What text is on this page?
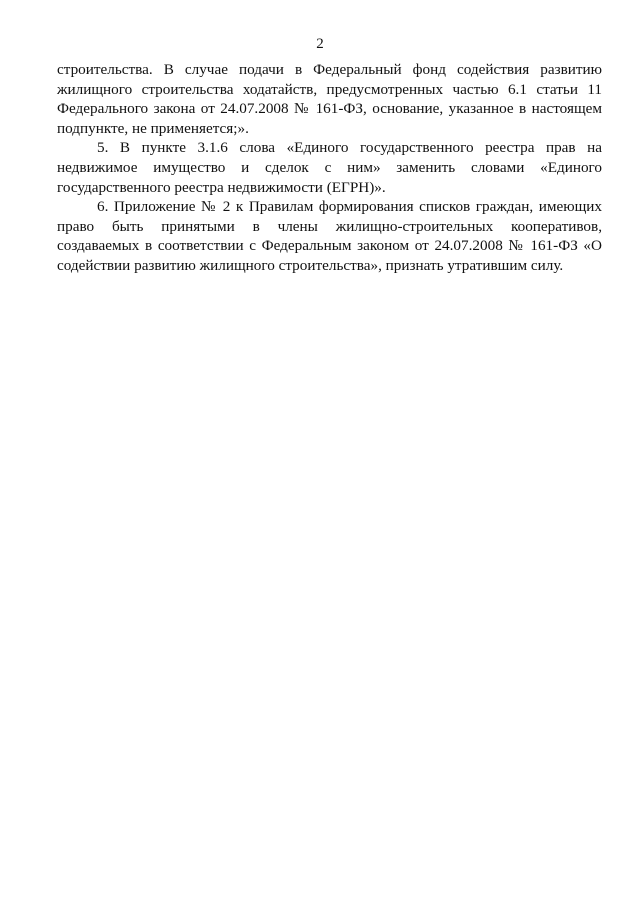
2

строительства. В случае подачи в Федеральный фонд содействия развитию жилищного строительства ходатайств, предусмотренных частью 6.1 статьи 11 Федерального закона от 24.07.2008 № 161-ФЗ, основание, указанное в настоящем подпункте, не применяется;».

5. В пункте 3.1.6 слова «Единого государственного реестра прав на недвижимое имущество и сделок с ним» заменить словами «Единого государственного реестра недвижимости (ЕГРН)».

6. Приложение № 2 к Правилам формирования списков граждан, имеющих право быть принятыми в члены жилищно-строительных кооперативов, создаваемых в соответствии с Федеральным законом от 24.07.2008 № 161-ФЗ «О содействии развитию жилищного строительства», признать утратившим силу.
